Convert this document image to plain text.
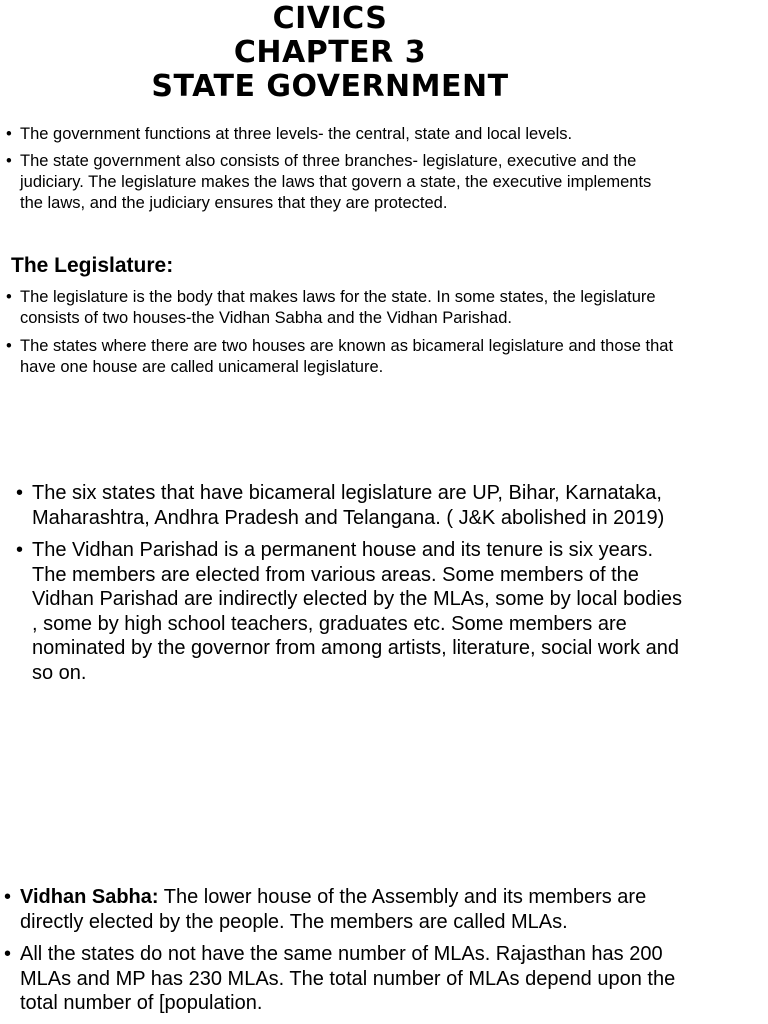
CIVICS
CHAPTER 3
STATE GOVERNMENT
• The government functions at three levels- the central, state and local levels.
• The state government also consists of three branches- legislature, executive and the judiciary. The legislature makes the laws that govern a state, the executive implements the laws, and the judiciary ensures that they are protected.
The Legislature:
• The legislature is the body that makes laws for the state. In some states, the legislature consists of two houses-the Vidhan Sabha and the Vidhan Parishad.
• The states where there are two houses are known as bicameral legislature and those that have one house are called unicameral legislature.
• The six states that have bicameral legislature are UP, Bihar, Karnataka, Maharashtra, Andhra Pradesh and Telangana. ( J&K abolished in 2019)
• The Vidhan Parishad is a permanent house and its tenure is six years. The members are elected from various areas. Some members of the Vidhan Parishad are indirectly elected by the MLAs, some by local bodies , some by high school teachers, graduates etc. Some members are nominated by the governor from among artists, literature, social work and so on.
• Vidhan Sabha: The lower house of the Assembly and its members are directly elected by the people. The members are called MLAs.
• All the states do not have the same number of MLAs. Rajasthan has 200 MLAs and MP has 230 MLAs. The total number of MLAs depend upon the total number of [population.
